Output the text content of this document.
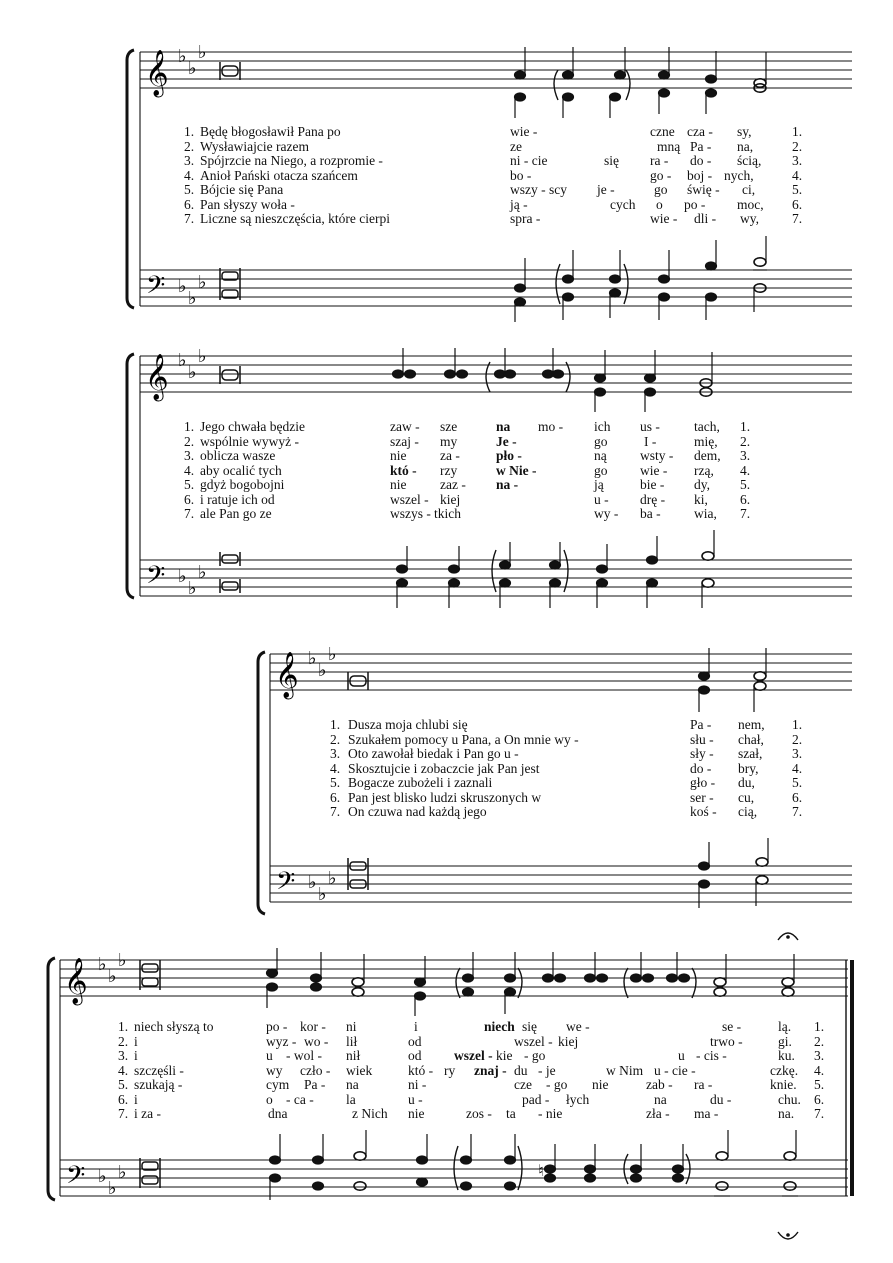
𝄞
𝄢
♭
♭
♭
♭
♭
♭
1. Będę błogosławił Pana po	wie -	czne cza - sy,	1.
2. Wysławiajcie razem	ze	mną Pa - na,	2.
3. Spójrzcie na Niego, a rozpromie -	ni - cie	się ra - do - ścią, 3.
4. Anioł Pański otacza szańcem	bo -	go - boj - nych,	4.
5. Bójcie się Pana	wszy - scy je -	go świę - ci,	5.
6. Pan słyszy woła -	ją -	cych o po - moc, 6.
7. Liczne są nieszczęścia, które cierpi	spra -	wie - dli - wy, 7.
𝄞
𝄢
♭
♭
♭
♭
♭
♭
1. Jego chwała będzie	zaw - sze	na mo - ich us -	tach, 1.
2. wspólnie wywyż -	szaj - my	Je -	go	I -	mię, 2.
3. oblicza wasze	nie za -	pło -	ną wsty - dem, 3.
4. aby ocalić tych	któ - rzy	w Nie -	go wie - rzą, 4.
5. gdyż bogobojni	nie zaz - na -	ją	bie - dy, 5.
6. i ratuje ich od	wszel - kiej	u - drę - ki, 6.
7. ale Pan go ze	wszys - tkich	wy - ba - wia, 7.
𝄞
𝄢
♭
♭
♭
♭
♭
♭
1. Dusza moja chlubi się	Pa - nem, 1.
2. Szukałem pomocy u Pana, a On mnie wy -	słu - chał, 2.
3. Oto zawołał biedak i Pan go u -	sły - szał, 3.
4. Skosztujcie i zobaczcie jak Pan jest	do - bry, 4.
5. Bogacze zubożeli i zaznali	gło - du,	5.
6. Pan jest blisko ludzi skruszonych w	ser - cu,	6.
7. On czuwa nad każdą jego	koś - cią,	7.
𝄞
𝄢
♭
♭
♭
♭
♭
♭	♮
1. niech słyszą to	po - kor - ni	i	niech się we -	se -	lą. 1.
2. i	wyz - wo - lił	od	wszel - kiej	trwo -	gi. 2.
3. i	u - wol - nił	od wszel - kie - go	u - cis -	ku. 3.
4. szczęśli -	wy czło - wiek	któ - ry znaj - du - je	w Nim u - cie -	czkę. 4.
5. szukają -	cym Pa - na	ni -	cze - go nie	zab - ra -	knie. 5.
6. i	o - ca - la	u -	pad - łych	na	du -	chu. 6.
7. i za -	dna	z Nich nie	zos - ta - nie	zła - ma -	na. 7.
